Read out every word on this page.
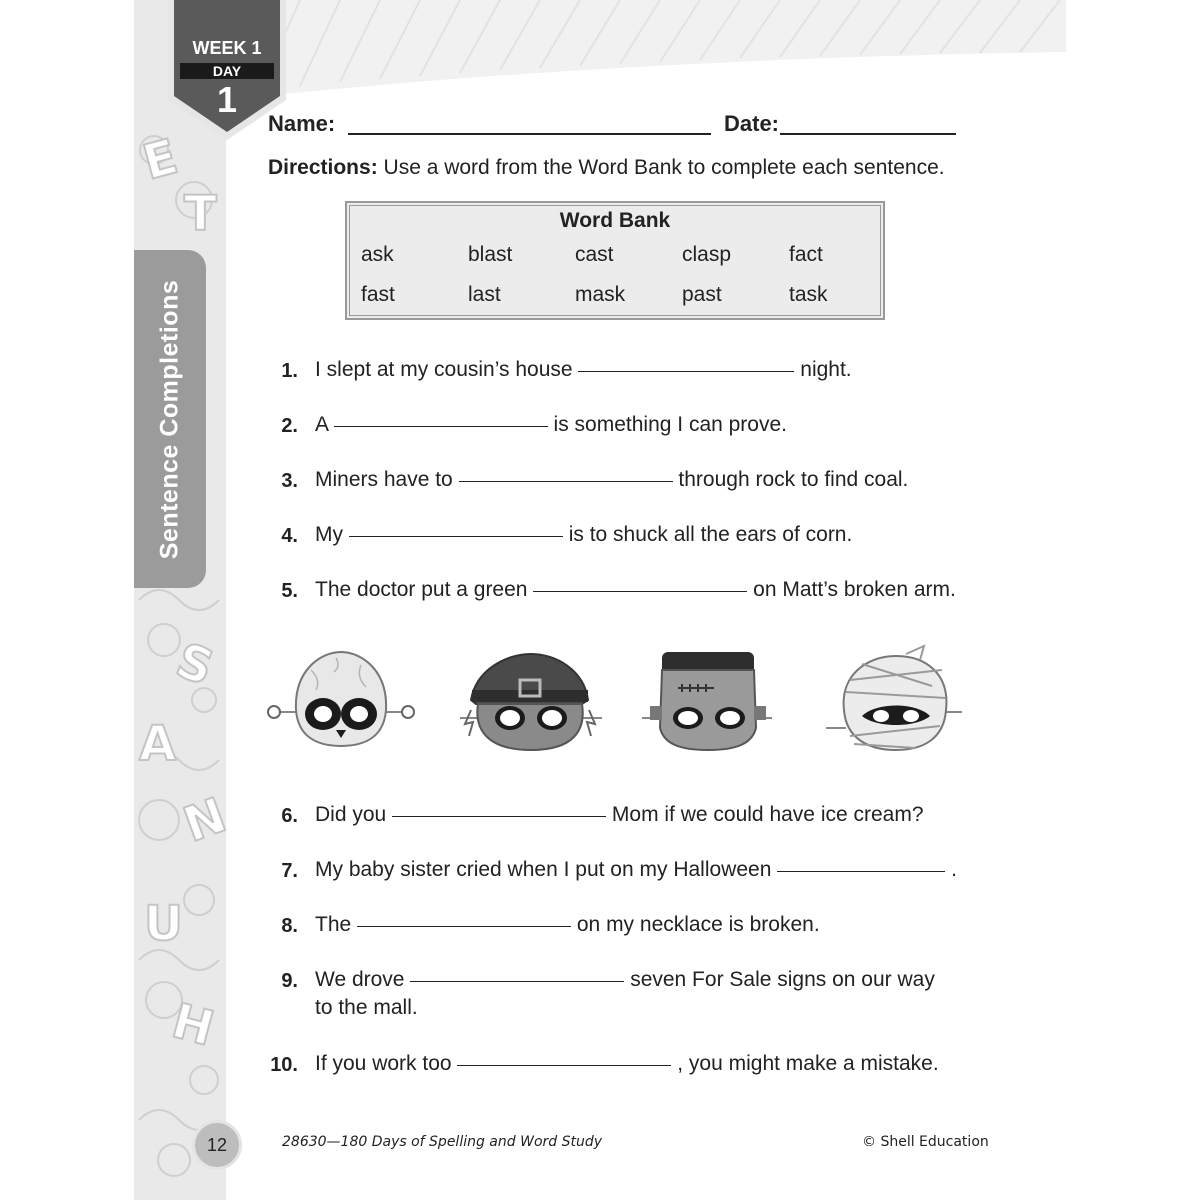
E
T
S
A
N
U
H
Sentence Completions
WEEK 1
DAY
1
Name:	Date:
Directions: Use a word from the Word Bank to complete each sentence.
Word Bank
ask	blast	cast	clasp	fact
fast	last	mask	past	task
1. I slept at my cousin’s house	night.
2. A	is something I can prove.
3. Miners have to	through rock to find coal.
4. My	is to shuck all the ears of corn.
5. The doctor put a green	on Matt’s broken arm.
6. Did you	Mom if we could have ice cream?
7. My baby sister cried when I put on my Halloween	.
8. The	on my necklace is broken.
9. We drove	seven For Sale signs on our way
to the mall.
10. If you work too	, you might make a mistake.
12	28630—180 Days of Spelling and Word Study	© Shell Education
